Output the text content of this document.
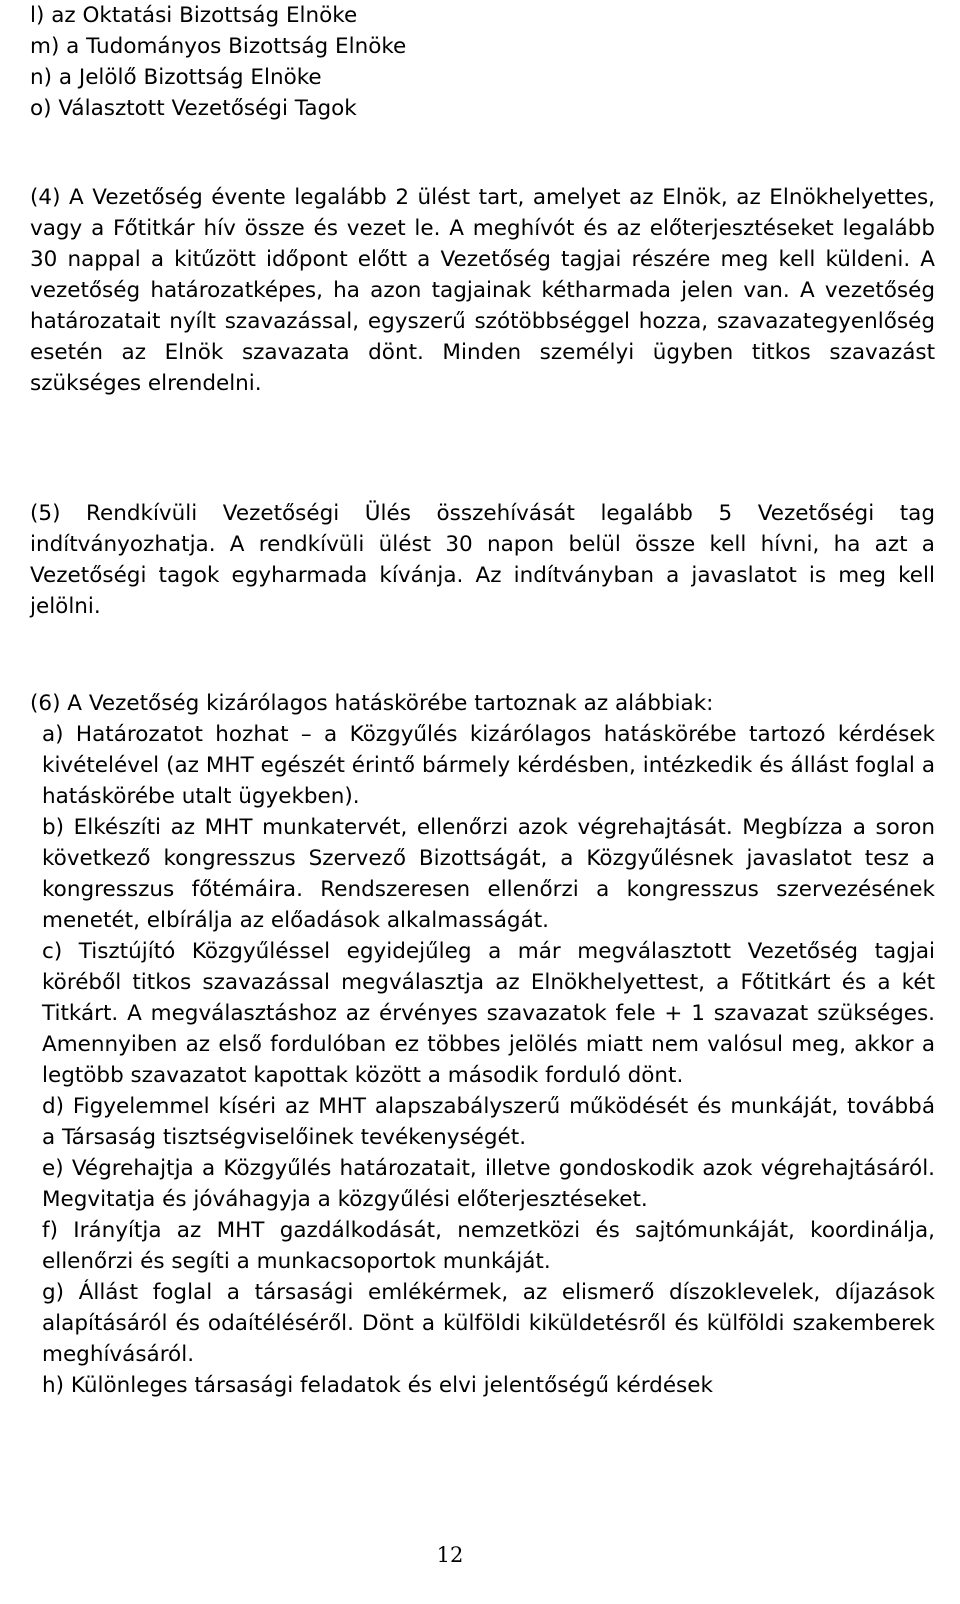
l) az Oktatási Bizottság Elnöke
m) a Tudományos Bizottság Elnöke
n) a Jelölő Bizottság Elnöke
o) Választott Vezetőségi Tagok
(4) A Vezetőség évente legalább 2 ülést tart, amelyet az Elnök, az Elnökhelyettes, vagy a Főtitkár hív össze és vezet le. A meghívót és az előterjesztéseket legalább 30 nappal a kitűzött időpont előtt a Vezetőség tagjai részére meg kell küldeni. A vezetőség határozatképes, ha azon tagjainak kétharmada jelen van. A vezetőség határozatait nyílt szavazással, egyszerű szótöbbséggel hozza, szavazategyenlőség esetén az Elnök szavazata dönt. Minden személyi ügyben titkos szavazást szükséges elrendelni.
(5) Rendkívüli Vezetőségi Ülés összehívását legalább 5 Vezetőségi tag indítványozhatja. A rendkívüli ülést 30 napon belül össze kell hívni, ha azt a Vezetőségi tagok egyharmada kívánja. Az indítványban a javaslatot is meg kell jelölni.
(6) A Vezetőség kizárólagos hatáskörébe tartoznak az alábbiak:
a) Határozatot hozhat – a Közgyűlés kizárólagos hatáskörébe tartozó kérdések kivételével (az MHT egészét érintő bármely kérdésben, intézkedik és állást foglal a hatáskörébe utalt ügyekben).
b) Elkészíti az MHT munkatervét, ellenőrzi azok végrehajtását. Megbízza a soron következő kongresszus Szervező Bizottságát, a Közgyűlésnek javaslatot tesz a kongresszus főtémáira. Rendszeresen ellenőrzi a kongresszus szervezésének menetét, elbírálja az előadások alkalmasságát.
c) Tisztújító Közgyűléssel egyidejűleg a már megválasztott Vezetőség tagjai köréből titkos szavazással megválasztja az Elnökhelyettest, a Főtitkárt és a két Titkárt. A megválasztáshoz az érvényes szavazatok fele + 1 szavazat szükséges. Amennyiben az első fordulóban ez többes jelölés miatt nem valósul meg, akkor a legtöbb szavazatot kapottak között a második forduló dönt.
d) Figyelemmel kíséri az MHT alapszabályszerű működését és munkáját, továbbá a Társaság tisztségviselőinek tevékenységét.
e) Végrehajtja a Közgyűlés határozatait, illetve gondoskodik azok végrehajtásáról. Megvitatja és jóváhagyja a közgyűlési előterjesztéseket.
f) Irányítja az MHT gazdálkodását, nemzetközi és sajtómunkáját, koordinálja, ellenőrzi és segíti a munkacsoportok munkáját.
g) Állást foglal a társasági emlékérmek, az elismerő díszoklevelek, díjazások alapításáról és odaítéléséről. Dönt a külföldi kiküldetésről és külföldi szakemberek meghívásáról.
h) Különleges társasági feladatok és elvi jelentőségű kérdések
12
